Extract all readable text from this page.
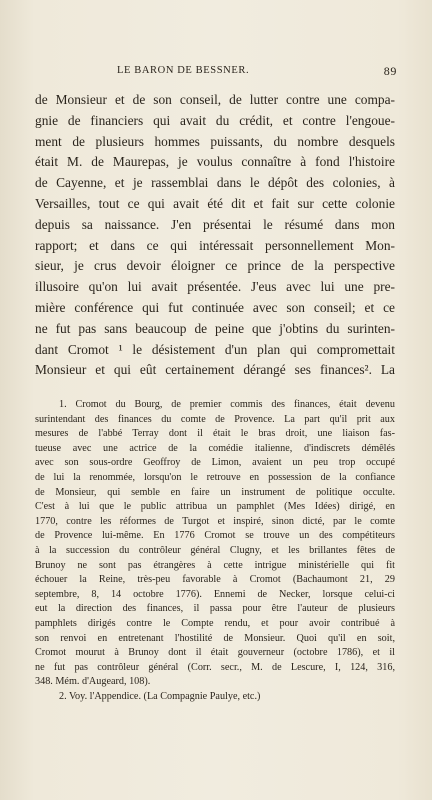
LE BARON DE BESSNER.	89
de Monsieur et de son conseil, de lutter contre une compa-
gnie de financiers qui avait du crédit, et contre l'engoue-
ment de plusieurs hommes puissants, du nombre desquels
était M. de Maurepas, je voulus connaître à fond l'histoire
de Cayenne, et je rassemblai dans le dépôt des colonies, à
Versailles, tout ce qui avait été dit et fait sur cette colonie
depuis sa naissance. J'en présentai le résumé dans mon
rapport; et dans ce qui intéressait personnellement Mon-
sieur, je crus devoir éloigner ce prince de la perspective
illusoire qu'on lui avait présentée. J'eus avec lui une pre-
mière conférence qui fut continuée avec son conseil; et ce
ne fut pas sans beaucoup de peine que j'obtins du surinten-
dant Cromot ¹ le désistement d'un plan qui compromettait
Monsieur et qui eût certainement dérangé ses finances². La
1. Cromot du Bourg, de premier commis des finances, était devenu
surintendant des finances du comte de Provence. La part qu'il prit aux
mesures de l'abbé Terray dont il était le bras droit, une liaison fas-
tueuse avec une actrice de la comédie italienne, d'indiscrets démêlés
avec son sous-ordre Geoffroy de Limon, avaient un peu trop occupé
de lui la renommée, lorsqu'on le retrouve en possession de la confiance
de Monsieur, qui semble en faire un instrument de politique occulte.
C'est à lui que le public attribua un pamphlet (Mes Idées) dirigé, en
1770, contre les réformes de Turgot et inspiré, sinon dicté, par le comte
de Provence lui-même. En 1776 Cromot se trouve un des compétiteurs
à la succession du contrôleur général Clugny, et les brillantes fêtes de
Brunoy ne sont pas étrangères à cette intrigue ministérielle qui fit
échouer la Reine, très-peu favorable à Cromot (Bachaumont 21, 29
septembre, 8, 14 octobre 1776). Ennemi de Necker, lorsque celui-ci
eut la direction des finances, il passa pour être l'auteur de plusieurs
pamphlets dirigés contre le Compte rendu, et pour avoir contribué à
son renvoi en entretenant l'hostilité de Monsieur. Quoi qu'il en soit,
Cromot mourut à Brunoy dont il était gouverneur (octobre 1786), et il
ne fut pas contrôleur général (Corr. secr., M. de Lescure, I, 124, 316,
348. Mém. d'Augeard, 108).
2. Voy. l'Appendice. (La Compagnie Paulye, etc.)
